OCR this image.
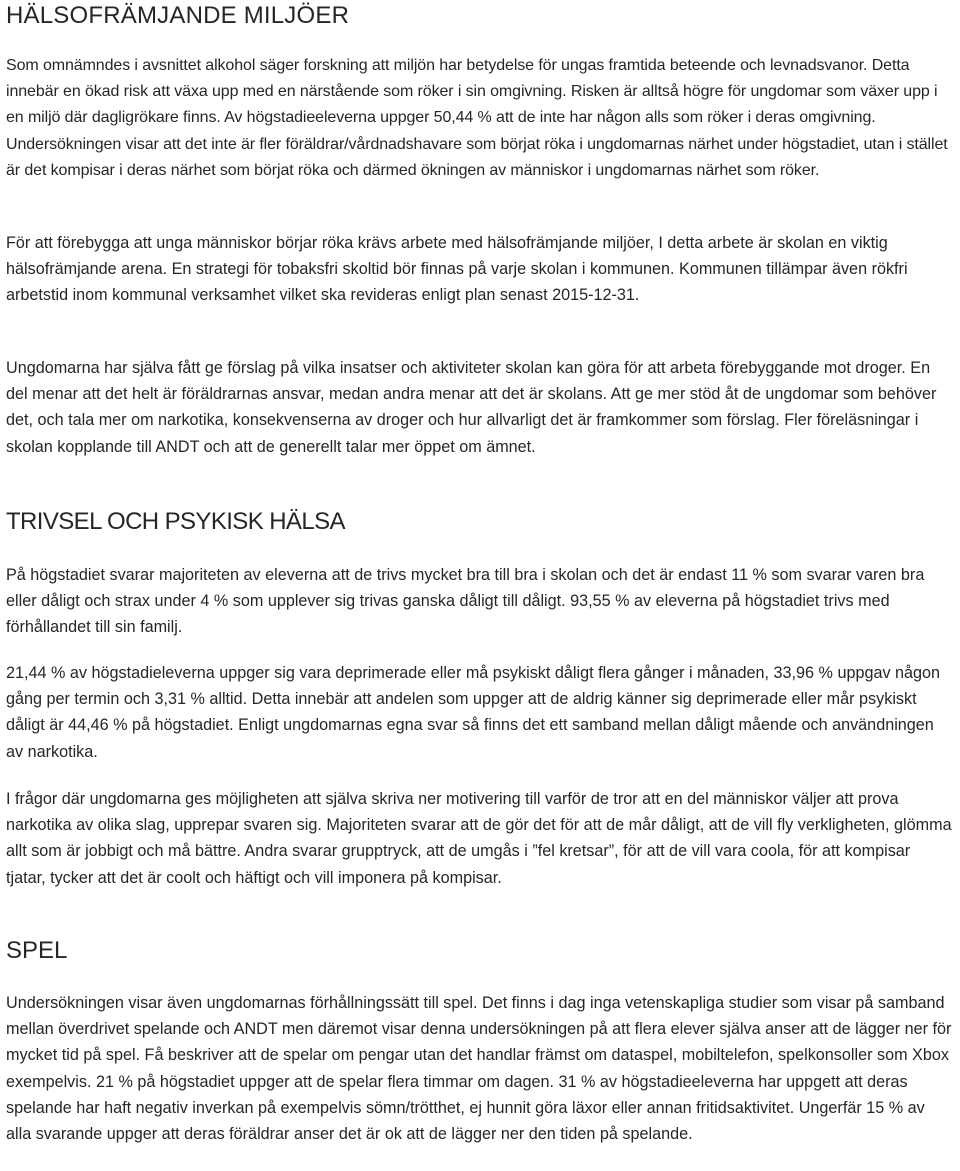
HÄLSOFRÄMJANDE MILJÖER

Som omnämndes i avsnittet alkohol säger forskning att miljön har betydelse för ungas framtida beteende och levnadsvanor. Detta innebär en ökad risk att växa upp med en närstående som röker i sin omgivning. Risken är alltså högre för ungdomar som växer upp i en miljö där dagligrökare finns. Av högstadieeleverna uppger 50,44 % att de inte har någon alls som röker i deras omgivning. Undersökningen visar att det inte är fler föräldrar/vårdnadshavare som börjat röka i ungdomarnas närhet under högstadiet, utan i stället är det kompisar i deras närhet som börjat röka och därmed ökningen av människor i ungdomarnas närhet som röker.

För att förebygga att unga människor börjar röka krävs arbete med hälsofrämjande miljöer, I detta arbete är skolan en viktig hälsofrämjande arena. En strategi för tobaksfri skoltid bör finnas på varje skolan i kommunen. Kommunen tillämpar även rökfri arbetstid inom kommunal verksamhet vilket ska revideras enligt plan senast 2015-12-31.

Ungdomarna har själva fått ge förslag på vilka insatser och aktiviteter skolan kan göra för att arbeta förebyggande mot droger. En del menar att det helt är föräldrarnas ansvar, medan andra menar att det är skolans. Att ge mer stöd åt de ungdomar som behöver det, och tala mer om narkotika, konsekvenserna av droger och hur allvarligt det är framkommer som förslag. Fler föreläsningar i skolan kopplande till ANDT och att de generellt talar mer öppet om ämnet.

TRIVSEL OCH PSYKISK HÄLSA

På högstadiet svarar majoriteten av eleverna att de trivs mycket bra till bra i skolan och det är endast 11 % som svarar varen bra eller dåligt och strax under 4 % som upplever sig trivas ganska dåligt till dåligt. 93,55 % av eleverna på högstadiet trivs med förhållandet till sin familj.

21,44 % av högstadieleverna uppger sig vara deprimerade eller må psykiskt dåligt flera gånger i månaden, 33,96 % uppgav någon gång per termin och 3,31 % alltid. Detta innebär att andelen som uppger att de aldrig känner sig deprimerade eller mår psykiskt dåligt är 44,46 % på högstadiet. Enligt ungdomarnas egna svar så finns det ett samband mellan dåligt mående och användningen av narkotika.

I frågor där ungdomarna ges möjligheten att själva skriva ner motivering till varför de tror att en del människor väljer att prova narkotika av olika slag, upprepar svaren sig. Majoriteten svarar att de gör det för att de mår dåligt, att de vill fly verkligheten, glömma allt som är jobbigt och må bättre. Andra svarar grupptryck, att de umgås i ”fel kretsar”, för att de vill vara coola, för att kompisar tjatar, tycker att det är coolt och häftigt och vill imponera på kompisar.

SPEL

Undersökningen visar även ungdomarnas förhållningssätt till spel. Det finns i dag inga vetenskapliga studier som visar på samband mellan överdrivet spelande och ANDT men däremot visar denna undersökningen på att flera elever själva anser att de lägger ner för mycket tid på spel. Få beskriver att de spelar om pengar utan det handlar främst om dataspel, mobiltelefon, spelkonsoller som Xbox exempelvis. 21 % på högstadiet uppger att de spelar flera timmar om dagen. 31 % av högstadieeleverna har uppgett att deras spelande har haft negativ inverkan på exempelvis sömn/trötthet, ej hunnit göra läxor eller annan fritidsaktivitet. Ungerfär 15 % av alla svarande uppger att deras föräldrar anser det är ok att de lägger ner den tiden på spelande.
